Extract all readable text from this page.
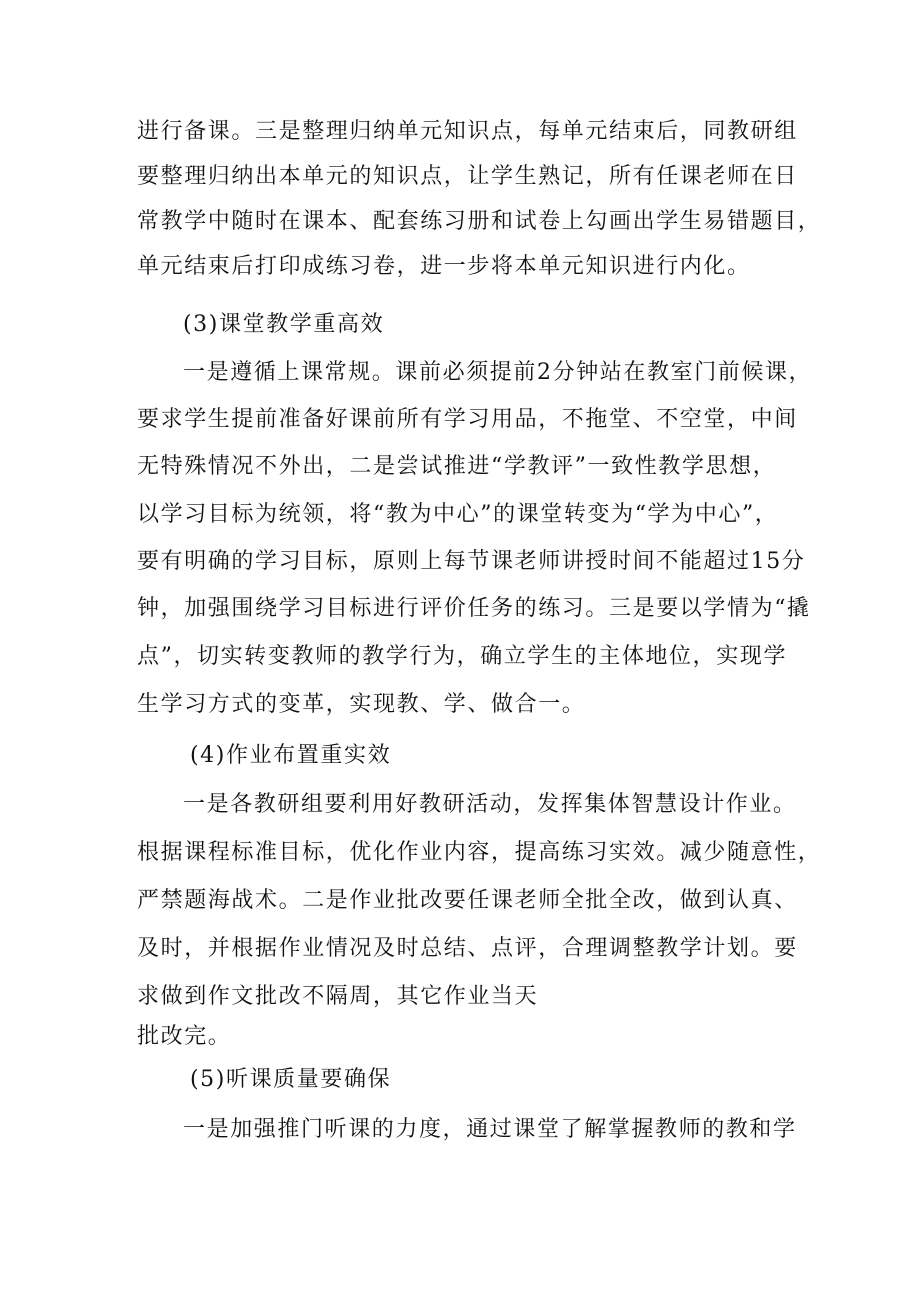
进行备课。三是整理归纳单元知识点，每单元结束后，同教研组
要整理归纳出本单元的知识点，让学生熟记，所有任课老师在日
常教学中随时在课本、配套练习册和试卷上勾画出学生易错题目，
单元结束后打印成练习卷，进一步将本单元知识进行内化。
(3)课堂教学重高效
一是遵循上课常规。课前必须提前2分钟站在教室门前候课，
要求学生提前准备好课前所有学习用品，不拖堂、不空堂，中间
无特殊情况不外出，二是尝试推进“学教评”一致性教学思想，
以学习目标为统领，将“教为中心”的课堂转变为“学为中心”，
要有明确的学习目标，原则上每节课老师讲授时间不能超过15分
钟，加强围绕学习目标进行评价任务的练习。三是要以学情为“撬
点”，切实转变教师的教学行为，确立学生的主体地位，实现学
生学习方式的变革，实现教、学、做合一。
(4)作业布置重实效
一是各教研组要利用好教研活动，发挥集体智慧设计作业。
根据课程标准目标，优化作业内容，提高练习实效。减少随意性，
严禁题海战术。二是作业批改要任课老师全批全改，做到认真、
及时，并根据作业情况及时总结、点评，合理调整教学计划。要
求做到作文批改不隔周，其它作业当天
批改完。
(5)听课质量要确保
一是加强推门听课的力度，通过课堂了解掌握教师的教和学
